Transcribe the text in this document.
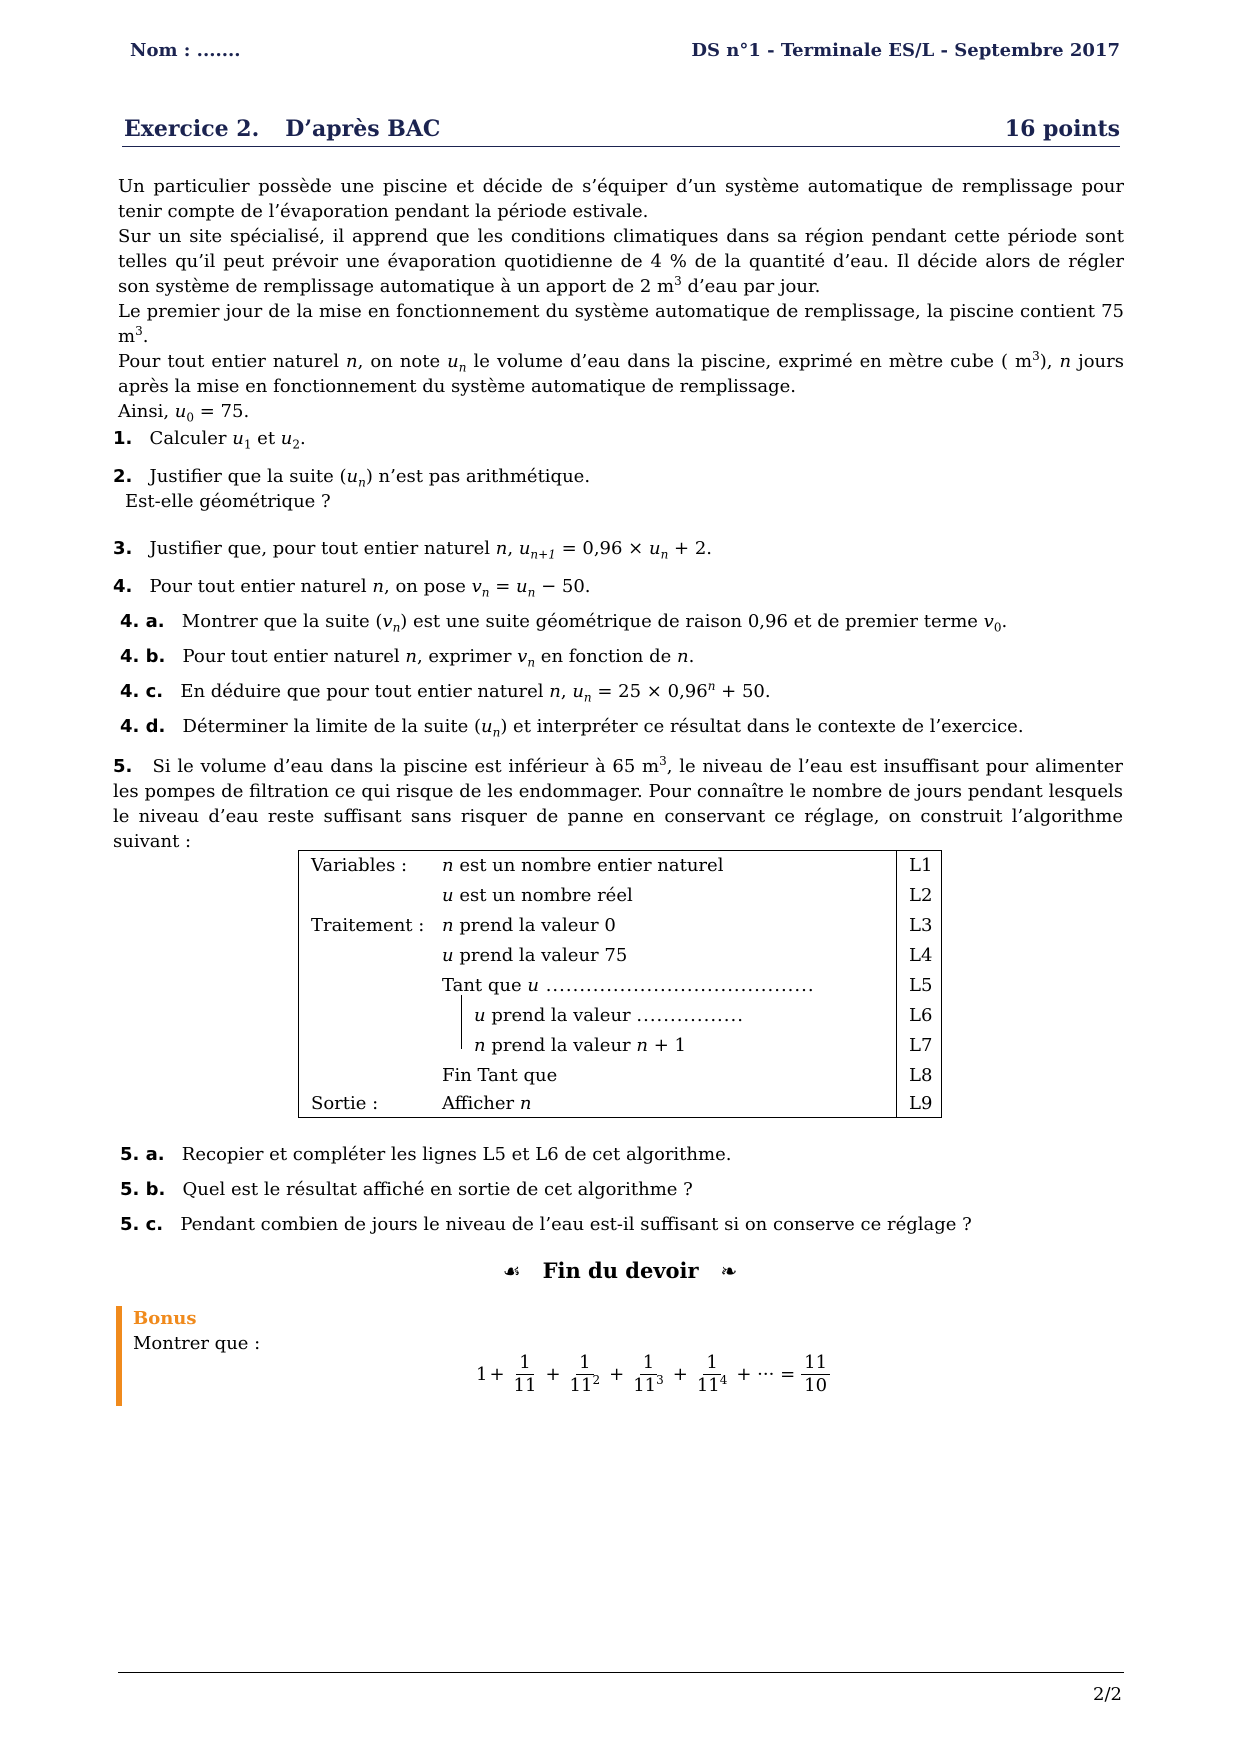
Nom : .......	DS n°1 - Terminale ES/L - Septembre 2017
Exercice 2. D’après BAC	16 points

Un particulier possède une piscine et décide de s’équiper d’un système automatique de remplissage pour tenir compte de l’évaporation pendant la période estivale.

Sur un site spécialisé, il apprend que les conditions climatiques dans sa région pendant cette période sont telles qu’il peut prévoir une évaporation quotidienne de 4 % de la quantité d’eau. Il décide alors de régler son système de remplissage automatique à un apport de 2 $m^3$ d’eau par jour.

Le premier jour de la mise en fonctionnement du système automatique de remplissage, la piscine contient 75 $m^3$.

Pour tout entier naturel n, on note $u_n$ le volume d’eau dans la piscine, exprimé en mètre cube ( $m^3$), n jours après la mise en fonctionnement du système automatique de remplissage.

Ainsi, $u_0 = 75$.

1. Calculer $u_1$ et $u_2$.
2. Justifier que la suite $(u_n)$ n’est pas arithmétique.
Est-elle géométrique ?
3. Justifier que, pour tout entier naturel n, $u_{n+1} = 0,96 \times u_n + 2$.
4. Pour tout entier naturel n, on pose $v_n = u_n - 50$.
4. a. Montrer que la suite $(v_n)$ est une suite géométrique de raison 0,96 et de premier terme $v_0$.
4. b. Pour tout entier naturel n, exprimer $v_n$ en fonction de n.
4. c. En déduire que pour tout entier naturel n, $u_n = 25 \times 0,96^n + 50$.
4. d. Déterminer la limite de la suite $(u_n)$ et interpréter ce résultat dans le contexte de l’exercice.
5. Si le volume d’eau dans la piscine est inférieur à 65 $m^3$, le niveau de l’eau est insuffisant pour alimenter les pompes de filtration ce qui risque de les endommager. Pour connaître le nombre de jours pendant lesquels le niveau d’eau reste suffisant sans risquer de panne en conservant ce réglage, on construit l’algorithme suivant :
Variables : n est un nombre entier naturel	L1
u est un nombre réel	L2
Traitement : n prend la valeur 0	L3
u prend la valeur 75	L4
Tant que u ........................................	L5
u prend la valeur ................	L6
n prend la valeur n + 1	L7
Fin Tant que	L8
Sortie :	Afficher n	L9
5. a. Recopier et compléter les lignes L5 et L6 de cet algorithme.
5. b. Quel est le résultat affiché en sortie de cet algorithme ?
5. c. Pendant combien de jours le niveau de l’eau est-il suffisant si on conserve ce réglage ?
☙ Fin du devoir ❧
Bonus
Montrer que :
$1 + \frac{1}{11} + \frac{1}{11^2} + \frac{1}{11^3} + \frac{1}{11^4}$ + ··· = $\frac{11}{10}$
2/2
